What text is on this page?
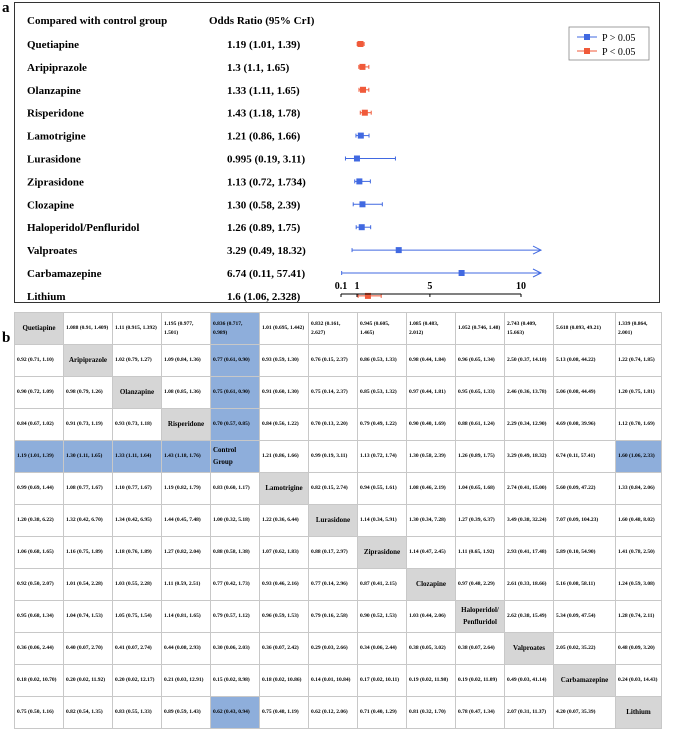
a
Compared with control group	Odds Ratio (95% CrI)
Quetiapine	1.19 (1.01, 1.39)
Aripiprazole	1.3 (1.1, 1.65)
Olanzapine	1.33 (1.11, 1.65)
Risperidone	1.43 (1.18, 1.78)
Lamotrigine	1.21 (0.86, 1.66)
Lurasidone	0.995 (0.19, 3.11)
Ziprasidone	1.13 (0.72, 1.734)
Clozapine	1.30 (0.58, 2.39)
Haloperidol/Penfluridol	1.26 (0.89, 1.75)
Valproates	3.29 (0.49, 18.32)
Carbamazepine	6.74 (0.11, 57.41)
Lithium	1.6 (1.06, 2.328)
0.1 1	5	10
P > 0.05
P < 0.05
b
Quetiapine	1.088 (0.91, 1.409)	1.11 (0.915, 1.392)	1.195 (0.977, 1.501)	0.836 (0.717, 0.989)	1.01 (0.695, 1.442)	0.832 (0.161, 2.627)	0.945 (0.605, 1.465)	1.085 (0.483, 2.012)	1.052 (0.746, 1.48)	2.743 (0.409, 15.663)	5.618 (0.093, 49.21)	1.339 (0.864, 2.001)
0.92 (0.71, 1.10)	Aripiprazole	1.02 (0.79, 1.27)	1.09 (0.84, 1.36)	0.77 (0.61, 0.90)	0.93 (0.59, 1.30)	0.76 (0.15, 2.37)	0.86 (0.53, 1.33)	0.98 (0.44, 1.84)	0.96 (0.65, 1.34)	2.50 (0.37, 14.10)	5.13 (0.08, 44.22)	1.22 (0.74, 1.85)
0.90 (0.72, 1.09)	0.98 (0.79, 1.26)	Olanzapine	1.08 (0.85, 1.36)	0.75 (0.61, 0.90)	0.91 (0.60, 1.30)	0.75 (0.14, 2.37)	0.85 (0.53, 1.32)	0.97 (0.44, 1.81)	0.95 (0.65, 1.33)	2.46 (0.36, 13.78)	5.06 (0.08, 44.49)	1.20 (0.75, 1.81)
0.84 (0.67, 1.02)	0.91 (0.73, 1.19)	0.93 (0.73, 1.18)	Risperidone	0.70 (0.57, 0.85)	0.84 (0.56, 1.22)	0.70 (0.13, 2.20)	0.79 (0.49, 1.22)	0.90 (0.40, 1.69)	0.88 (0.61, 1.24)	2.29 (0.34, 12.90)	4.69 (0.08, 39.96)	1.12 (0.70, 1.69)
1.19 (1.01, 1.39)	1.30 (1.11, 1.65)	1.33 (1.11, 1.64)	1.43 (1.18, 1.76)	Control Group	1.21 (0.86, 1.66)	0.99 (0.19, 3.11)	1.13 (0.72, 1.74)	1.30 (0.58, 2.39)	1.26 (0.89, 1.75)	3.29 (0.49, 18.32)	6.74 (0.11, 57.41)	1.60 (1.06, 2.33)
0.99 (0.69, 1.44)	1.08 (0.77, 1.67)	1.10 (0.77, 1.67)	1.19 (0.82, 1.79)	0.83 (0.60, 1.17)	Lamotrigine	0.82 (0.15, 2.74)	0.94 (0.55, 1.61)	1.08 (0.46, 2.19)	1.04 (0.65, 1.68)	2.74 (0.41, 15.00)	5.60 (0.09, 47.22)	1.33 (0.84, 2.06)
1.20 (0.38, 6.22)	1.32 (0.42, 6.70)	1.34 (0.42, 6.95)	1.44 (0.45, 7.48)	1.00 (0.32, 5.18)	1.22 (0.36, 6.44)	Lurasidone	1.14 (0.34, 5.91)	1.30 (0.34, 7.28)	1.27 (0.39, 6.37)	3.49 (0.38, 32.24)	7.07 (0.09, 104.23)	1.60 (0.48, 8.02)
1.06 (0.68, 1.65)	1.16 (0.75, 1.89)	1.18 (0.76, 1.89)	1.27 (0.82, 2.04)	0.88 (0.58, 1.38)	1.07 (0.62, 1.83)	0.88 (0.17, 2.97)	Ziprasidone	1.14 (0.47, 2.45)	1.11 (0.65, 1.92)	2.93 (0.41, 17.48)	5.89 (0.10, 54.90)	1.41 (0.78, 2.50)
0.92 (0.50, 2.07)	1.01 (0.54, 2.28)	1.03 (0.55, 2.28)	1.11 (0.59, 2.51)	0.77 (0.42, 1.73)	0.93 (0.46, 2.16)	0.77 (0.14, 2.96)	0.87 (0.41, 2.15)	Clozapine	0.97 (0.48, 2.29)	2.61 (0.33, 18.66)	5.16 (0.08, 58.11)	1.24 (0.59, 3.08)
0.95 (0.68, 1.34)	1.04 (0.74, 1.53)	1.05 (0.75, 1.54)	1.14 (0.81, 1.65)	0.79 (0.57, 1.12)	0.96 (0.59, 1.53)	0.79 (0.16, 2.58)	0.90 (0.52, 1.53)	1.03 (0.44, 2.06)	Haloperidol/ Penfluridol	2.62 (0.38, 15.49)	5.34 (0.09, 47.54)	1.28 (0.74, 2.11)
0.36 (0.06, 2.44)	0.40 (0.07, 2.70)	0.41 (0.07, 2.74)	0.44 (0.08, 2.93)	0.30 (0.06, 2.03)	0.36 (0.07, 2.42)	0.29 (0.03, 2.66)	0.34 (0.06, 2.44)	0.38 (0.05, 3.02)	0.38 (0.07, 2.64)	Valproates	2.05 (0.02, 35.22)	0.48 (0.09, 3.20)
0.18 (0.02, 10.70)	0.20 (0.02, 11.92)	0.20 (0.02, 12.17)	0.21 (0.03, 12.91)	0.15 (0.02, 8.98)	0.18 (0.02, 10.86)	0.14 (0.01, 10.84)	0.17 (0.02, 10.11)	0.19 (0.02, 11.98)	0.19 (0.02, 11.09)	0.49 (0.03, 41.14)	Carbamazepine	0.24 (0.03, 14.43)
0.75 (0.50, 1.16)	0.82 (0.54, 1.35)	0.83 (0.55, 1.33)	0.89 (0.59, 1.43)	0.62 (0.43, 0.94)	0.75 (0.48, 1.19)	0.62 (0.12, 2.06)	0.71 (0.40, 1.29)	0.81 (0.32, 1.70)	0.78 (0.47, 1.34)	2.07 (0.31, 11.37)	4.20 (0.07, 35.39)	Lithium
